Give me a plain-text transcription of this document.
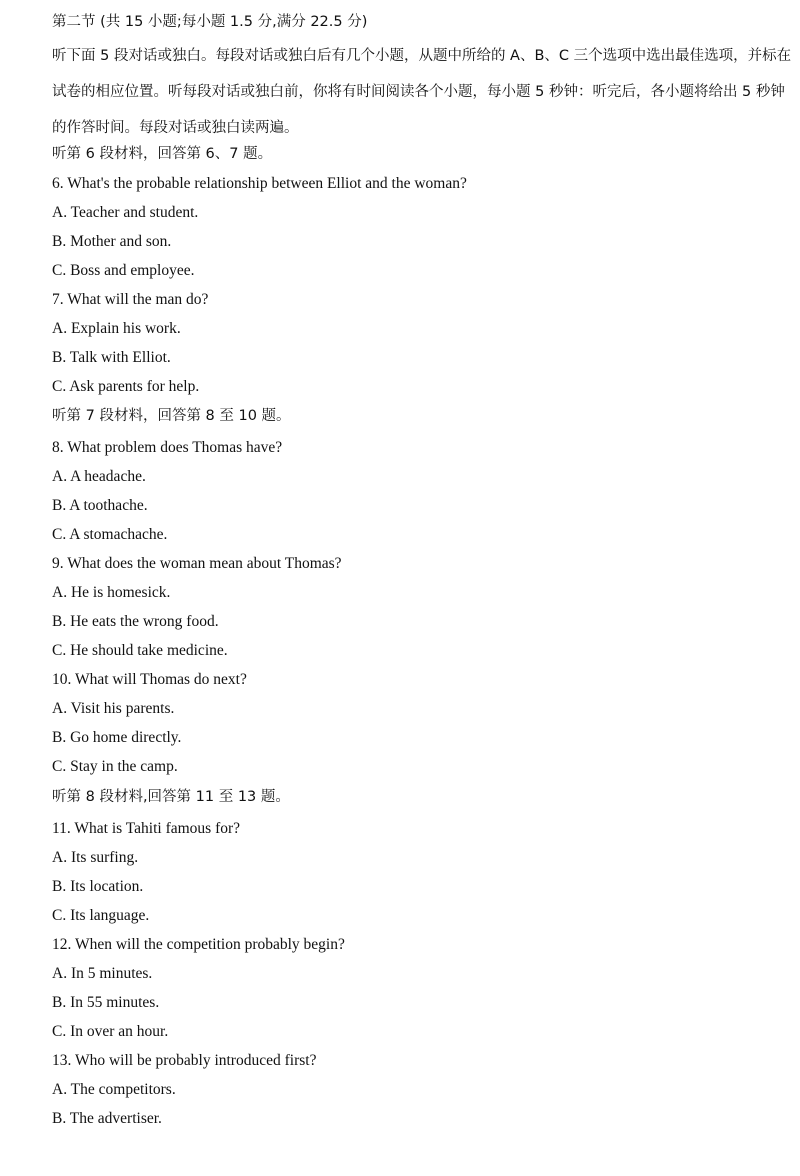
第二节 (共 15 小题;每小题 1.5 分,满分 22.5 分)
听下面 5 段对话或独白。每段对话或独白后有几个小题，从题中所给的 A、B、C 三个选项中选出最佳选项，并标在试卷的相应位置。听每段对话或独白前，你将有时间阅读各个小题，每小题 5 秒钟：听完后，各小题将给出 5 秒钟的作答时间。每段对话或独白读两遍。
听第 6 段材料，回答第 6、7 题。
6. What's the probable relationship between Elliot and the woman?
A. Teacher and student.
B. Mother and son.
C. Boss and employee.
7. What will the man do?
A. Explain his work.
B. Talk with Elliot.
C. Ask parents for help.
听第 7 段材料，回答第 8 至 10 题。
8. What problem does Thomas have?
A. A headache.
B. A toothache.
C. A stomachache.
9. What does the woman mean about Thomas?
A. He is homesick.
B. He eats the wrong food.
C. He should take medicine.
10. What will Thomas do next?
A. Visit his parents.
B. Go home directly.
C. Stay in the camp.
听第 8 段材料,回答第 11 至 13 题。
11. What is Tahiti famous for?
A. Its surfing.
B. Its location.
C. Its language.
12. When will the competition probably begin?
A. In 5 minutes.
B. In 55 minutes.
C. In over an hour.
13. Who will be probably introduced first?
A. The competitors.
B. The advertiser.
